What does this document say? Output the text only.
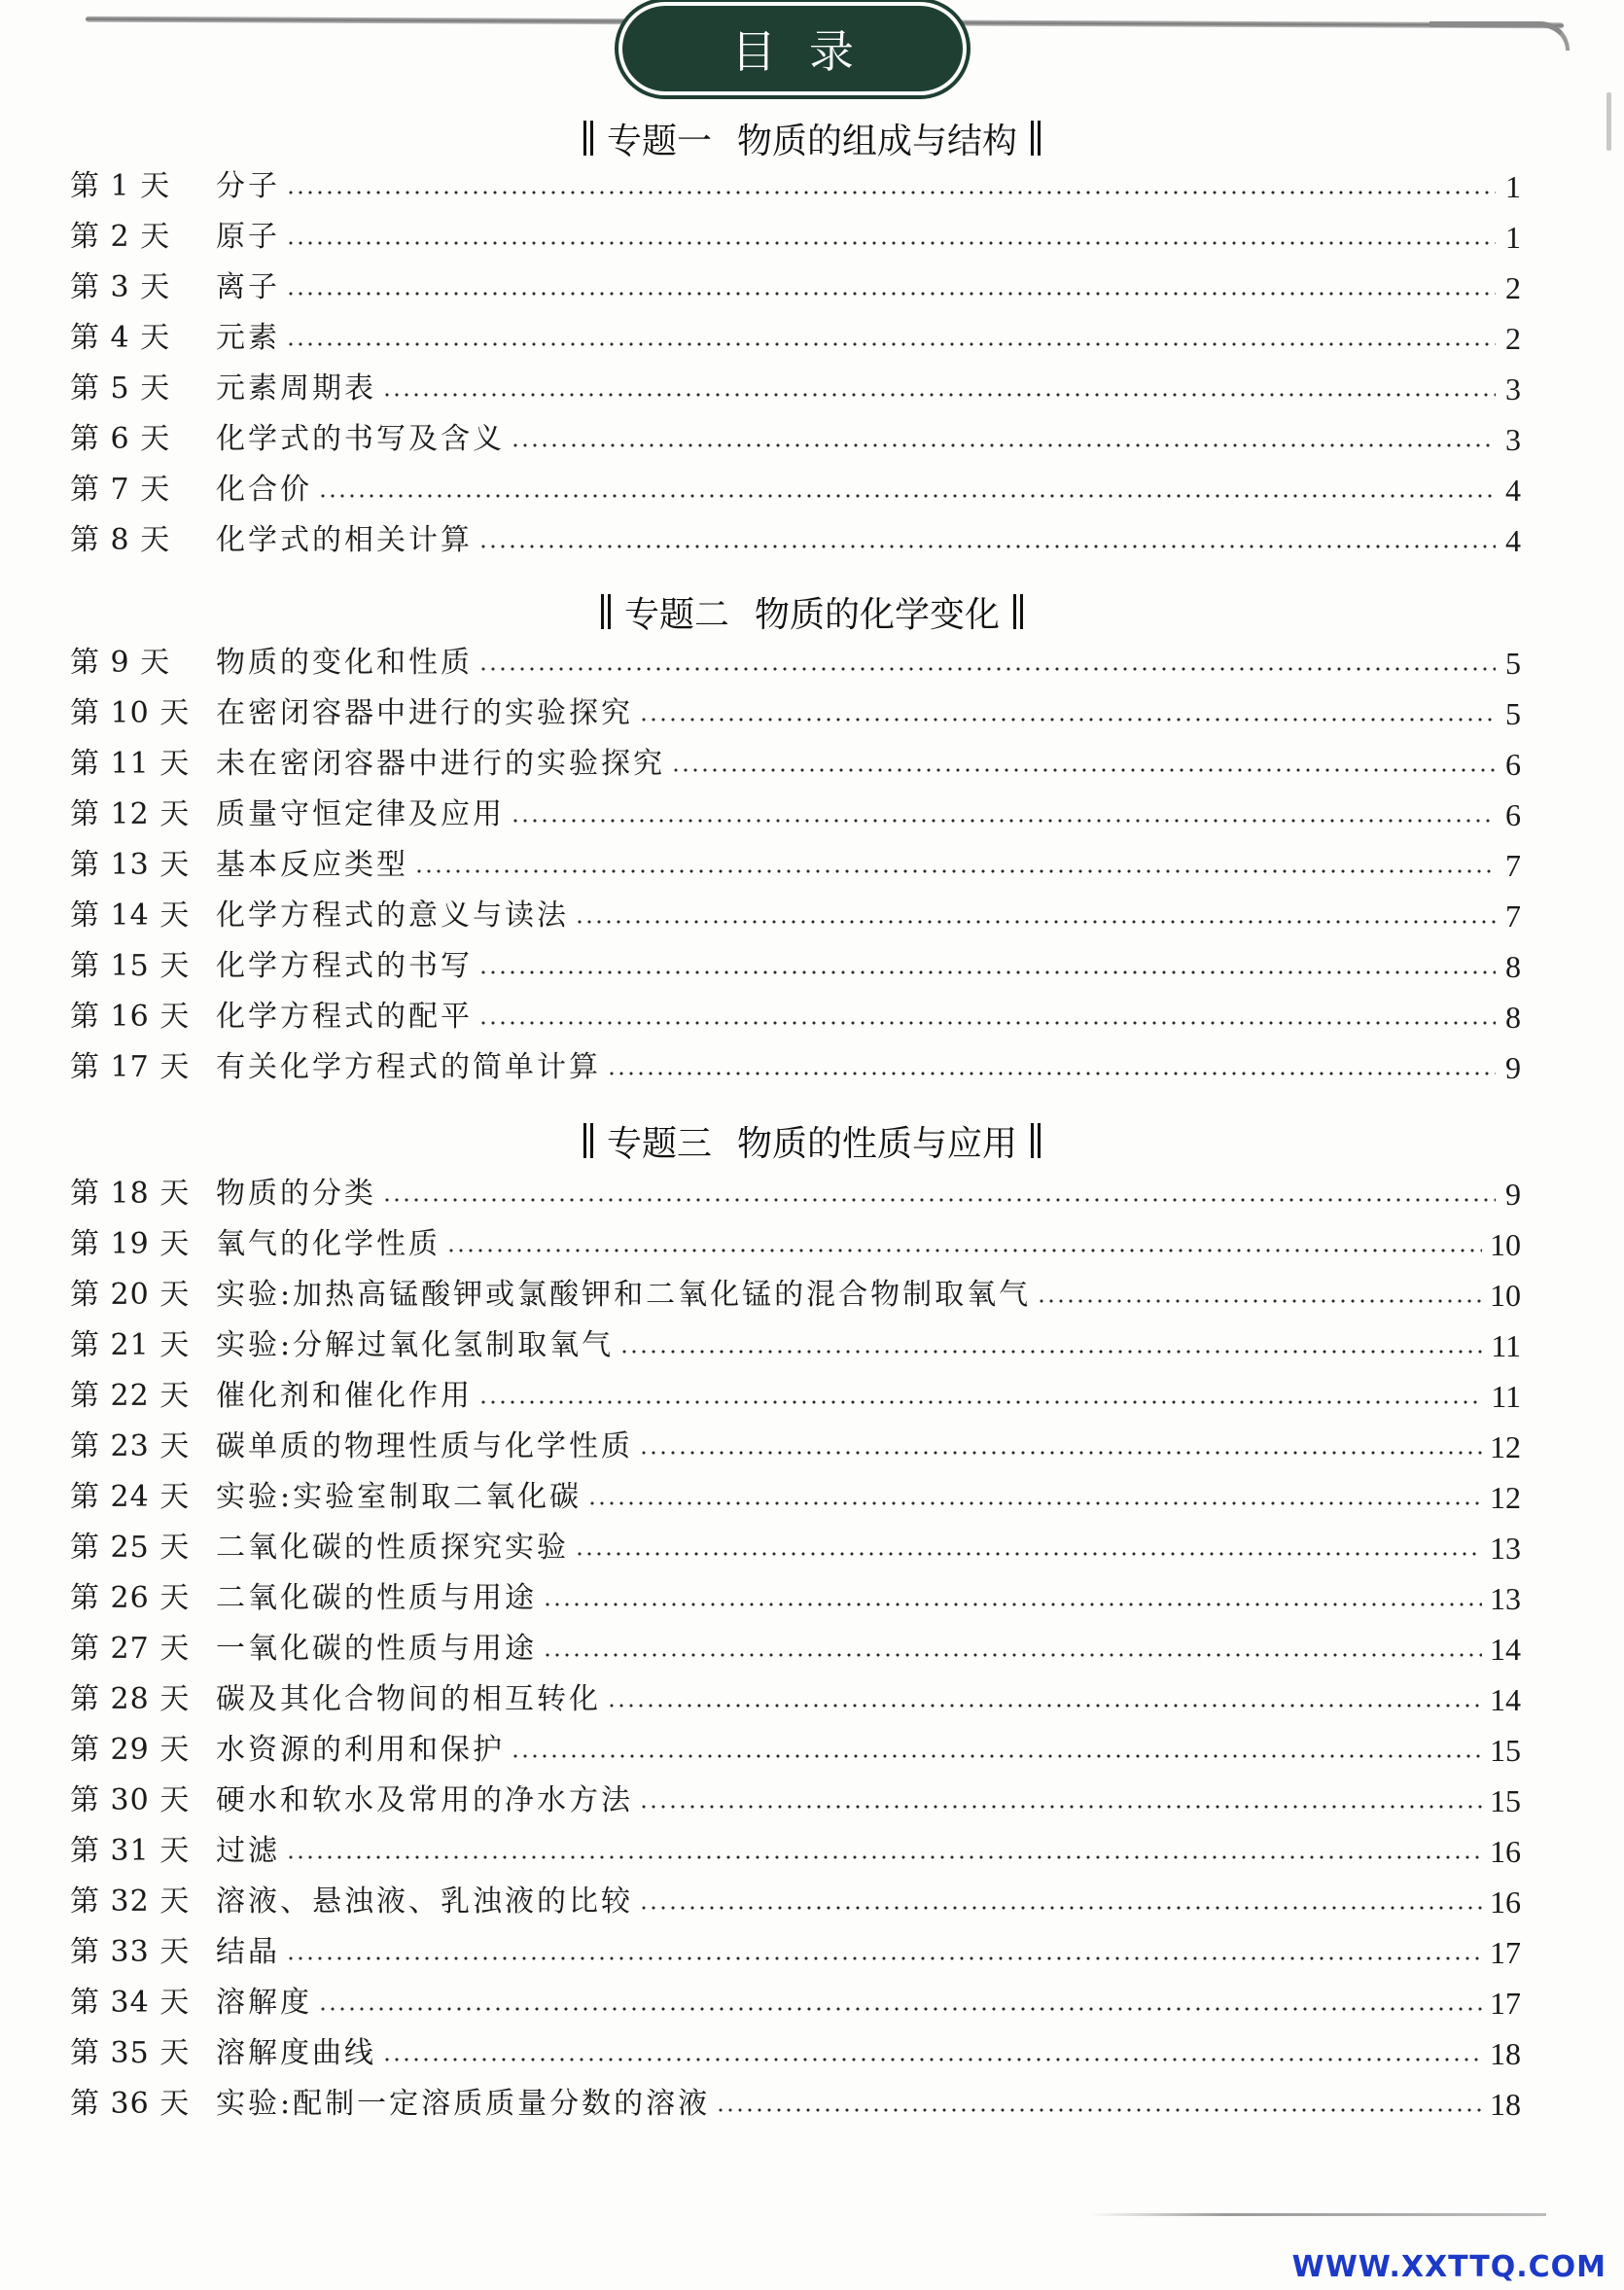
目录
专题一 物质的组成与结构
第 1 天	分子	1
第 2 天	原子	1
第 3 天	离子	2
第 4 天	元素	2
第 5 天	元素周期表	3
第 6 天	化学式的书写及含义	3
第 7 天	化合价	4
第 8 天	化学式的相关计算	4
专题二 物质的化学变化
第 9 天	物质的变化和性质	5
第 10 天 在密闭容器中进行的实验探究	5
第 11 天 未在密闭容器中进行的实验探究	6
第 12 天 质量守恒定律及应用	6
第 13 天 基本反应类型	7
第 14 天 化学方程式的意义与读法	7
第 15 天 化学方程式的书写	8
第 16 天 化学方程式的配平	8
第 17 天 有关化学方程式的简单计算	9
专题三 物质的性质与应用
第 18 天 物质的分类	9
第 19 天 氧气的化学性质	10
第 20 天 实验:加热高锰酸钾或氯酸钾和二氧化锰的混合物制取氧气	10
第 21 天 实验:分解过氧化氢制取氧气	11
第 22 天 催化剂和催化作用	11
第 23 天 碳单质的物理性质与化学性质	12
第 24 天 实验:实验室制取二氧化碳	12
第 25 天 二氧化碳的性质探究实验	13
第 26 天 二氧化碳的性质与用途	13
第 27 天 一氧化碳的性质与用途	14
第 28 天 碳及其化合物间的相互转化	14
第 29 天 水资源的利用和保护	15
第 30 天 硬水和软水及常用的净水方法	15
第 31 天 过滤	16
第 32 天 溶液、悬浊液、乳浊液的比较	16
第 33 天 结晶	17
第 34 天 溶解度	17
第 35 天 溶解度曲线	18
第 36 天 实验:配制一定溶质质量分数的溶液	18
WWW.XXTTQ.COM
